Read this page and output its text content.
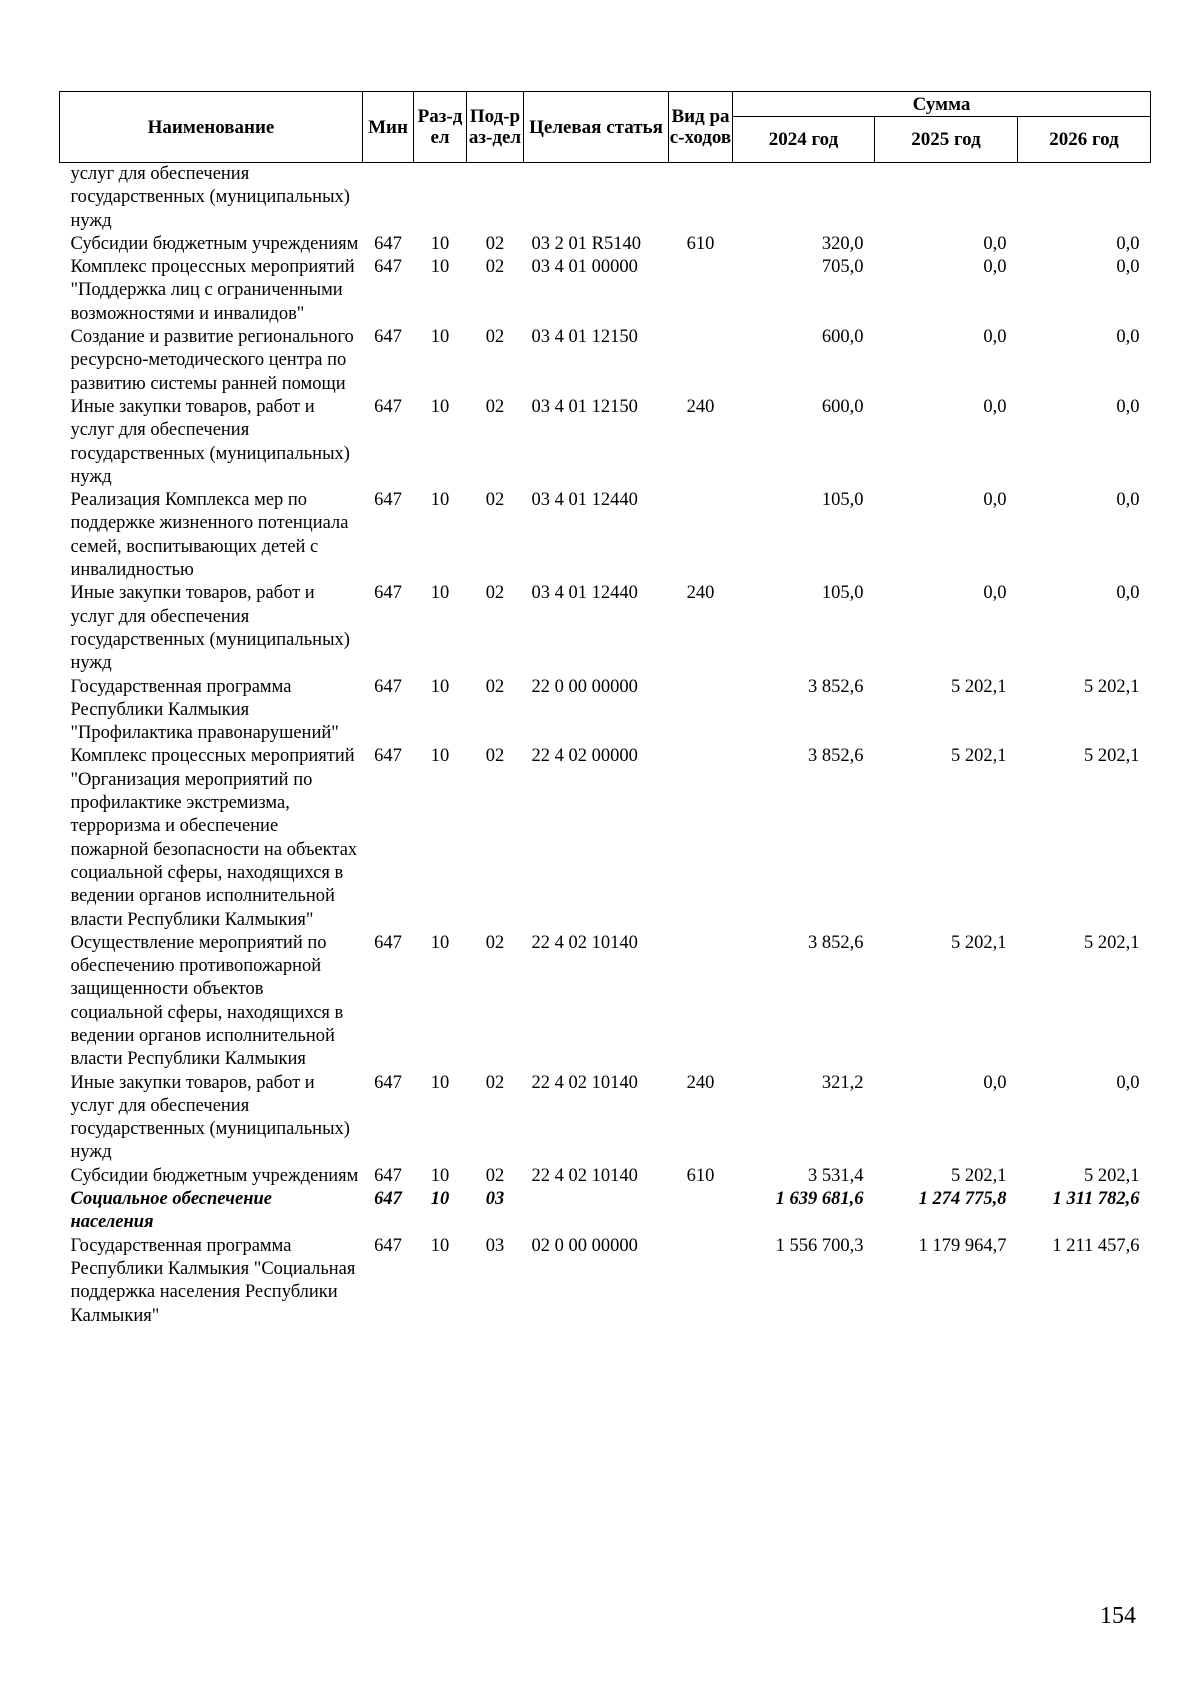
Наименование	Мин	Раз-дел	Под-раз-дел	Целевая статья	Вид рас-ходов	Сумма		
						2024 год	2025 год	2026 год
услуг для обеспечения государственных (муниципальных) нужд								
Субсидии бюджетным учреждениям	647	10	02	03 2 01 R5140	610	320,0	0,0	0,0
Комплекс процессных мероприятий "Поддержка лиц с ограниченными возможностями и инвалидов"	647	10	02	03 4 01 00000		705,0	0,0	0,0
Создание и развитие регионального ресурсно-методического центра по развитию системы ранней помощи	647	10	02	03 4 01 12150		600,0	0,0	0,0
Иные закупки товаров, работ и услуг для обеспечения государственных (муниципальных) нужд	647	10	02	03 4 01 12150	240	600,0	0,0	0,0
Реализация Комплекса мер по поддержке жизненного потенциала семей, воспитывающих детей с инвалидностью	647	10	02	03 4 01 12440		105,0	0,0	0,0
Иные закупки товаров, работ и услуг для обеспечения государственных (муниципальных) нужд	647	10	02	03 4 01 12440	240	105,0	0,0	0,0
Государственная программа Республики Калмыкия "Профилактика правонарушений"	647	10	02	22 0 00 00000		3 852,6	5 202,1	5 202,1
Комплекс процессных мероприятий "Организация мероприятий по профилактике экстремизма, терроризма и обеспечение пожарной безопасности на объектах социальной сферы, находящихся в ведении органов исполнительной власти Республики Калмыкия"	647	10	02	22 4 02 00000		3 852,6	5 202,1	5 202,1
Осуществление мероприятий по обеспечению противопожарной защищенности объектов социальной сферы, находящихся в ведении органов исполнительной власти Республики Калмыкия	647	10	02	22 4 02 10140		3 852,6	5 202,1	5 202,1
Иные закупки товаров, работ и услуг для обеспечения государственных (муниципальных) нужд	647	10	02	22 4 02 10140	240	321,2	0,0	0,0
Субсидии бюджетным учреждениям	647	10	02	22 4 02 10140	610	3 531,4	5 202,1	5 202,1
Социальное обеспечение населения	647	10	03			1 639 681,6	1 274 775,8	1 311 782,6
Государственная программа Республики Калмыкия "Социальная поддержка населения Республики Калмыкия"	647	10	03	02 0 00 00000		1 556 700,3	1 179 964,7	1 211 457,6
154
